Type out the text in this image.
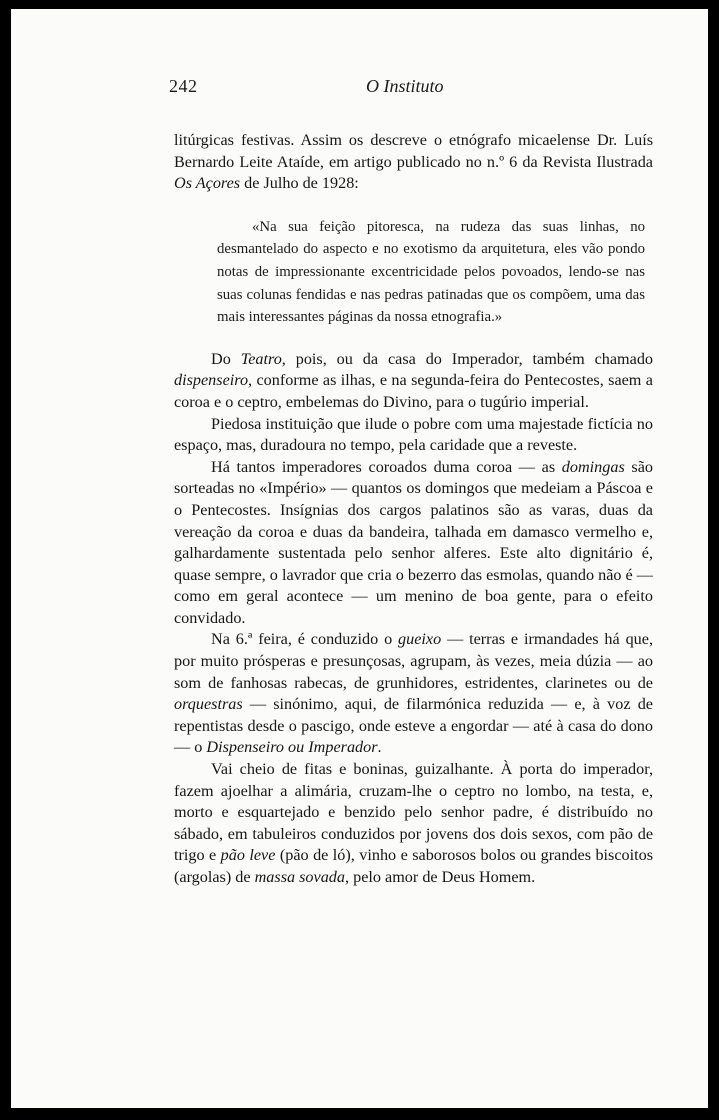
242	O Instituto

litúrgicas festivas. Assim os descreve o etnógrafo micaelense Dr. Luís Bernardo Leite Ataíde, em artigo publicado no n.º 6 da Revista Ilustrada Os Açores de Julho de 1928:

«Na sua feição pitoresca, na rudeza das suas linhas, no desmantelado do aspecto e no exotismo da arquitetura, eles vão pondo notas de impressionante excentricidade pelos povoados, lendo-se nas suas colunas fendidas e nas pedras patinadas que os compõem, uma das mais interessantes páginas da nossa etnografia.»

Do Teatro, pois, ou da casa do Imperador, também chamado dispenseiro, conforme as ilhas, e na segunda-feira do Pentecostes, saem a coroa e o ceptro, embelemas do Divino, para o tugúrio imperial.

Piedosa instituição que ilude o pobre com uma majestade fictícia no espaço, mas, duradoura no tempo, pela caridade que a reveste.

Há tantos imperadores coroados duma coroa — as domingas são sorteadas no «Império» — quantos os domingos que medeiam a Páscoa e o Pentecostes. Insígnias dos cargos palatinos são as varas, duas da vereação da coroa e duas da bandeira, talhada em damasco vermelho e, galhardamente sustentada pelo senhor alferes. Este alto dignitário é, quase sempre, o lavrador que cria o bezerro das esmolas, quando não é — como em geral acontece — um menino de boa gente, para o efeito convidado.

Na 6.ª feira, é conduzido o gueixo — terras e irmandades há que, por muito prósperas e presunçosas, agrupam, às vezes, meia dúzia — ao som de fanhosas rabecas, de grunhidores, estridentes, clarinetes ou de orquestras — sinónimo, aqui, de filarmónica reduzida — e, à voz de repentistas desde o pascigo, onde esteve a engordar — até à casa do dono — o Dispenseiro ou Imperador.

Vai cheio de fitas e boninas, guizalhante. À porta do imperador, fazem ajoelhar a alimária, cruzam-lhe o ceptro no lombo, na testa, e, morto e esquartejado e benzido pelo senhor padre, é distribuído no sábado, em tabuleiros conduzidos por jovens dos dois sexos, com pão de trigo e pão leve (pão de ló), vinho e saborosos bolos ou grandes biscoitos (argolas) de massa sovada, pelo amor de Deus Homem.
